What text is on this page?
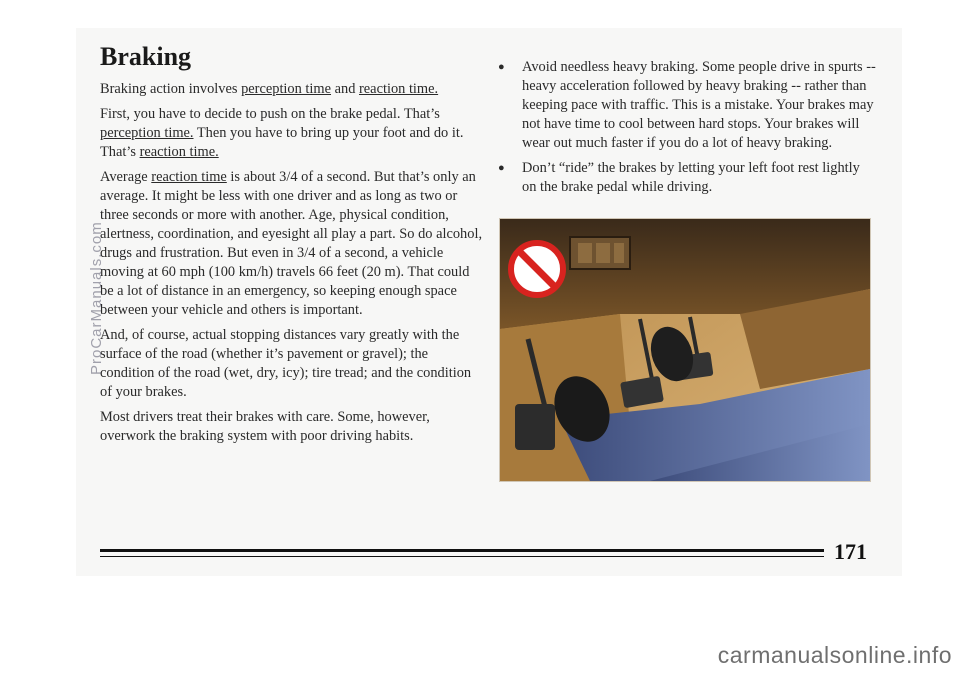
Braking

Braking action involves perception time and reaction time.

First, you have to decide to push on the brake pedal. That’s perception time. Then you have to bring up your foot and do it. That’s reaction time.

Average reaction time is about 3/4 of a second. But that’s only an average. It might be less with one driver and as long as two or three seconds or more with another. Age, physical condition, alertness, coordination, and eyesight all play a part. So do alcohol, drugs and frustration. But even in 3/4 of a second, a vehicle moving at 60 mph (100 km/h) travels 66 feet (20 m). That could be a lot of distance in an emergency, so keeping enough space between your vehicle and others is important.

And, of course, actual stopping distances vary greatly with the surface of the road (whether it’s pavement or gravel); the condition of the road (wet, dry, icy); tire tread; and the condition of your brakes.

Most drivers treat their brakes with care. Some, however, overwork the braking system with poor driving habits.

● Avoid needless heavy braking. Some people drive in spurts -- heavy acceleration followed by heavy braking -- rather than keeping pace with traffic. This is a mistake. Your brakes may not have time to cool between hard stops. Your brakes will wear out much faster if you do a lot of heavy braking.
● Don’t “ride” the brakes by letting your left foot rest lightly on the brake pedal while driving.
171
ProCarManuals.com
carmanualsonline.info
